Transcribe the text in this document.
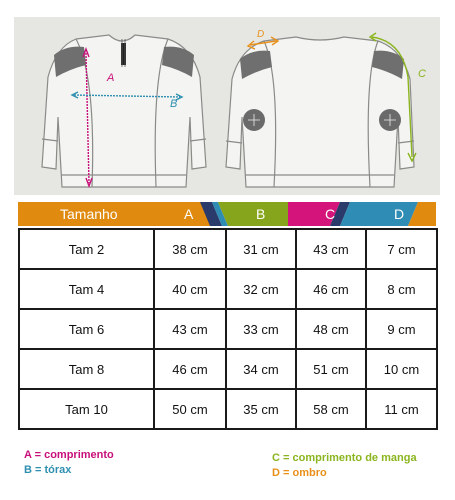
A
B
D
C
Tamanho	A	B	C	D
Tam 2	38 cm	31 cm	43 cm	7 cm
Tam 4	40 cm	32 cm	46 cm	8 cm
Tam 6	43 cm	33 cm	48 cm	9 cm
Tam 8	46 cm	34 cm	51 cm	10 cm
Tam 10	50 cm	35 cm	58 cm	11 cm
A = comprimento
B = tórax
C = comprimento de manga
D = ombro
